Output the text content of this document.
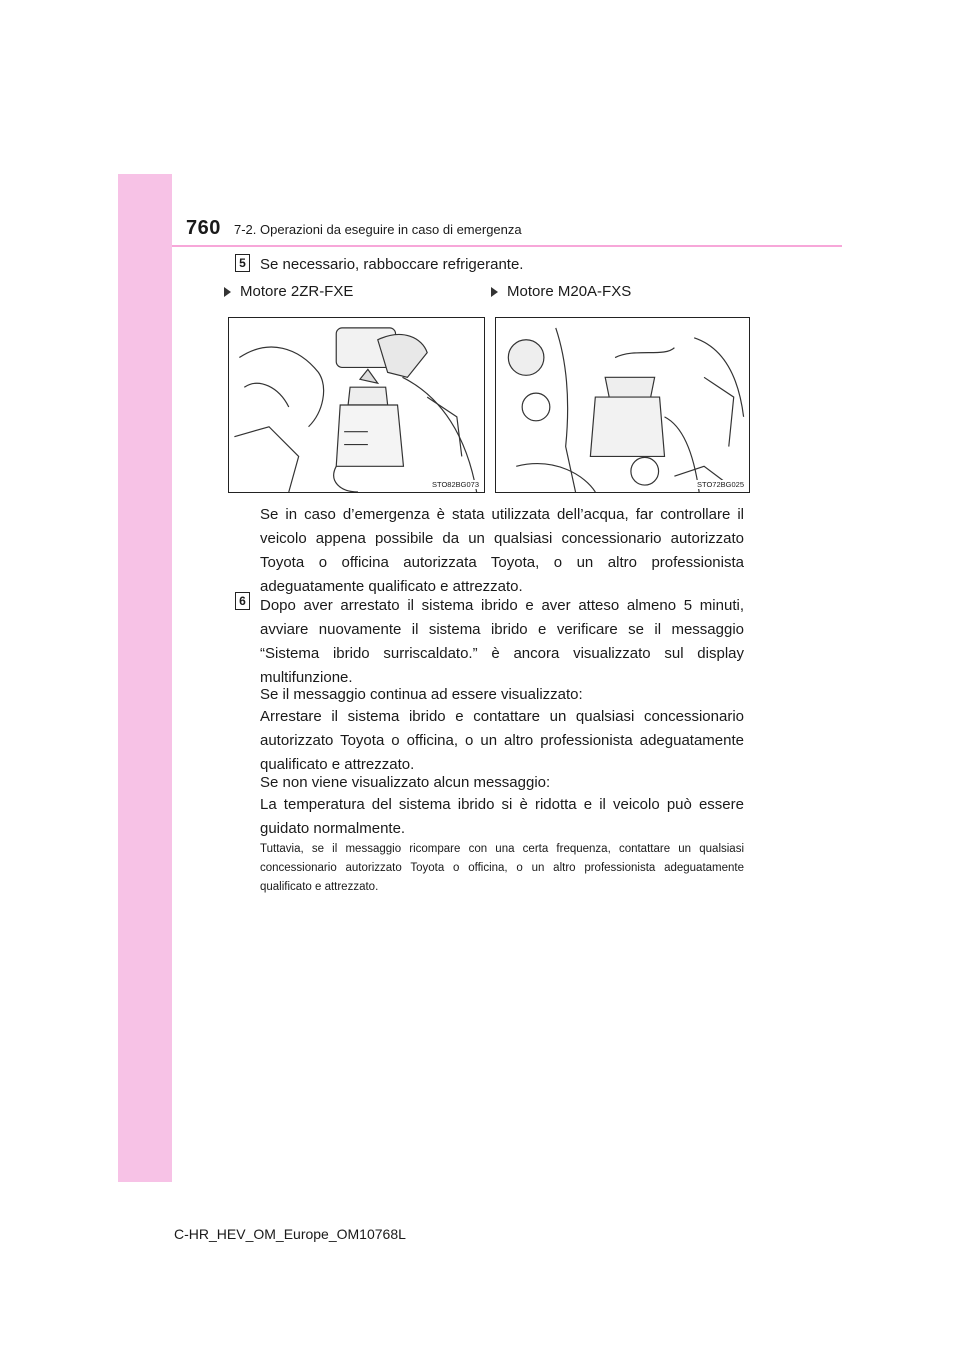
760 7-2. Operazioni da eseguire in caso di emergenza
5 Se necessario, rabboccare refrigerante.
Motore 2ZR-FXE	Motore M20A-FXS
STO82BG073	STO72BG025
Se in caso d’emergenza è stata utilizzata dell’acqua, far controllare il veicolo appena possibile da un qualsiasi concessionario autorizzato Toyota o officina autorizzata Toyota, o un altro professionista adeguatamente qualificato e attrezzato.
6 Dopo aver arrestato il sistema ibrido e aver atteso almeno 5 minuti, avviare nuovamente il sistema ibrido e verificare se il messaggio “Sistema ibrido surriscaldato.” è ancora visualizzato sul display multifunzione.
Se il messaggio continua ad essere visualizzato:
Arrestare il sistema ibrido e contattare un qualsiasi concessionario autorizzato Toyota o officina, o un altro professionista adeguatamente qualificato e attrezzato.
Se non viene visualizzato alcun messaggio:
La temperatura del sistema ibrido si è ridotta e il veicolo può essere guidato normalmente.
Tuttavia, se il messaggio ricompare con una certa frequenza, contattare un qualsiasi concessionario autorizzato Toyota o officina, o un altro professionista adeguatamente qualificato e attrezzato.
C-HR_HEV_OM_Europe_OM10768L
